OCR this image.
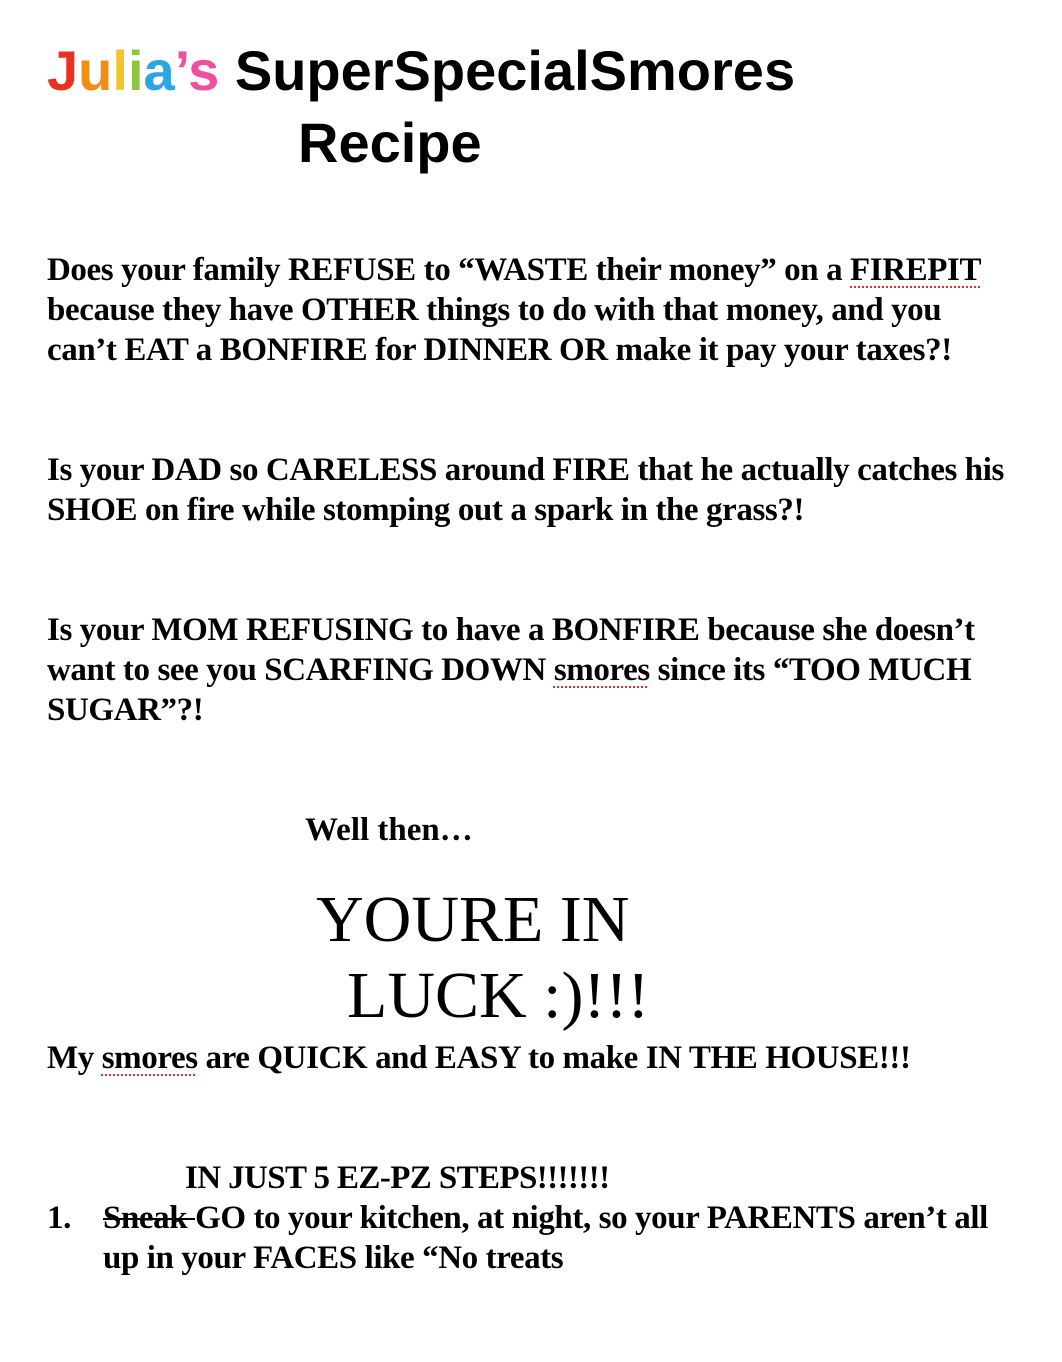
Julia’s SuperSpecialSmores
Recipe
Does your family REFUSE to “WASTE their money” on a FIREPIT because they have OTHER things to do with that money, and you can’t EAT a BONFIRE for DINNER OR make it pay your taxes?!
Is your DAD so CARELESS around FIRE that he actually catches his SHOE on fire while stomping out a spark in the grass?!
Is your MOM REFUSING to have a BONFIRE because she doesn’t want to see you SCARFING DOWN smores since its “TOO MUCH SUGAR”?!
Well then…
YOURE IN
LUCK :)!!!
My smores are QUICK and EASY to make IN THE HOUSE!!!
IN JUST 5 EZ-PZ STEPS!!!!!!!
1. Sneak GO to your kitchen, at night, so your PARENTS aren’t all up in your FACES like “No treats
